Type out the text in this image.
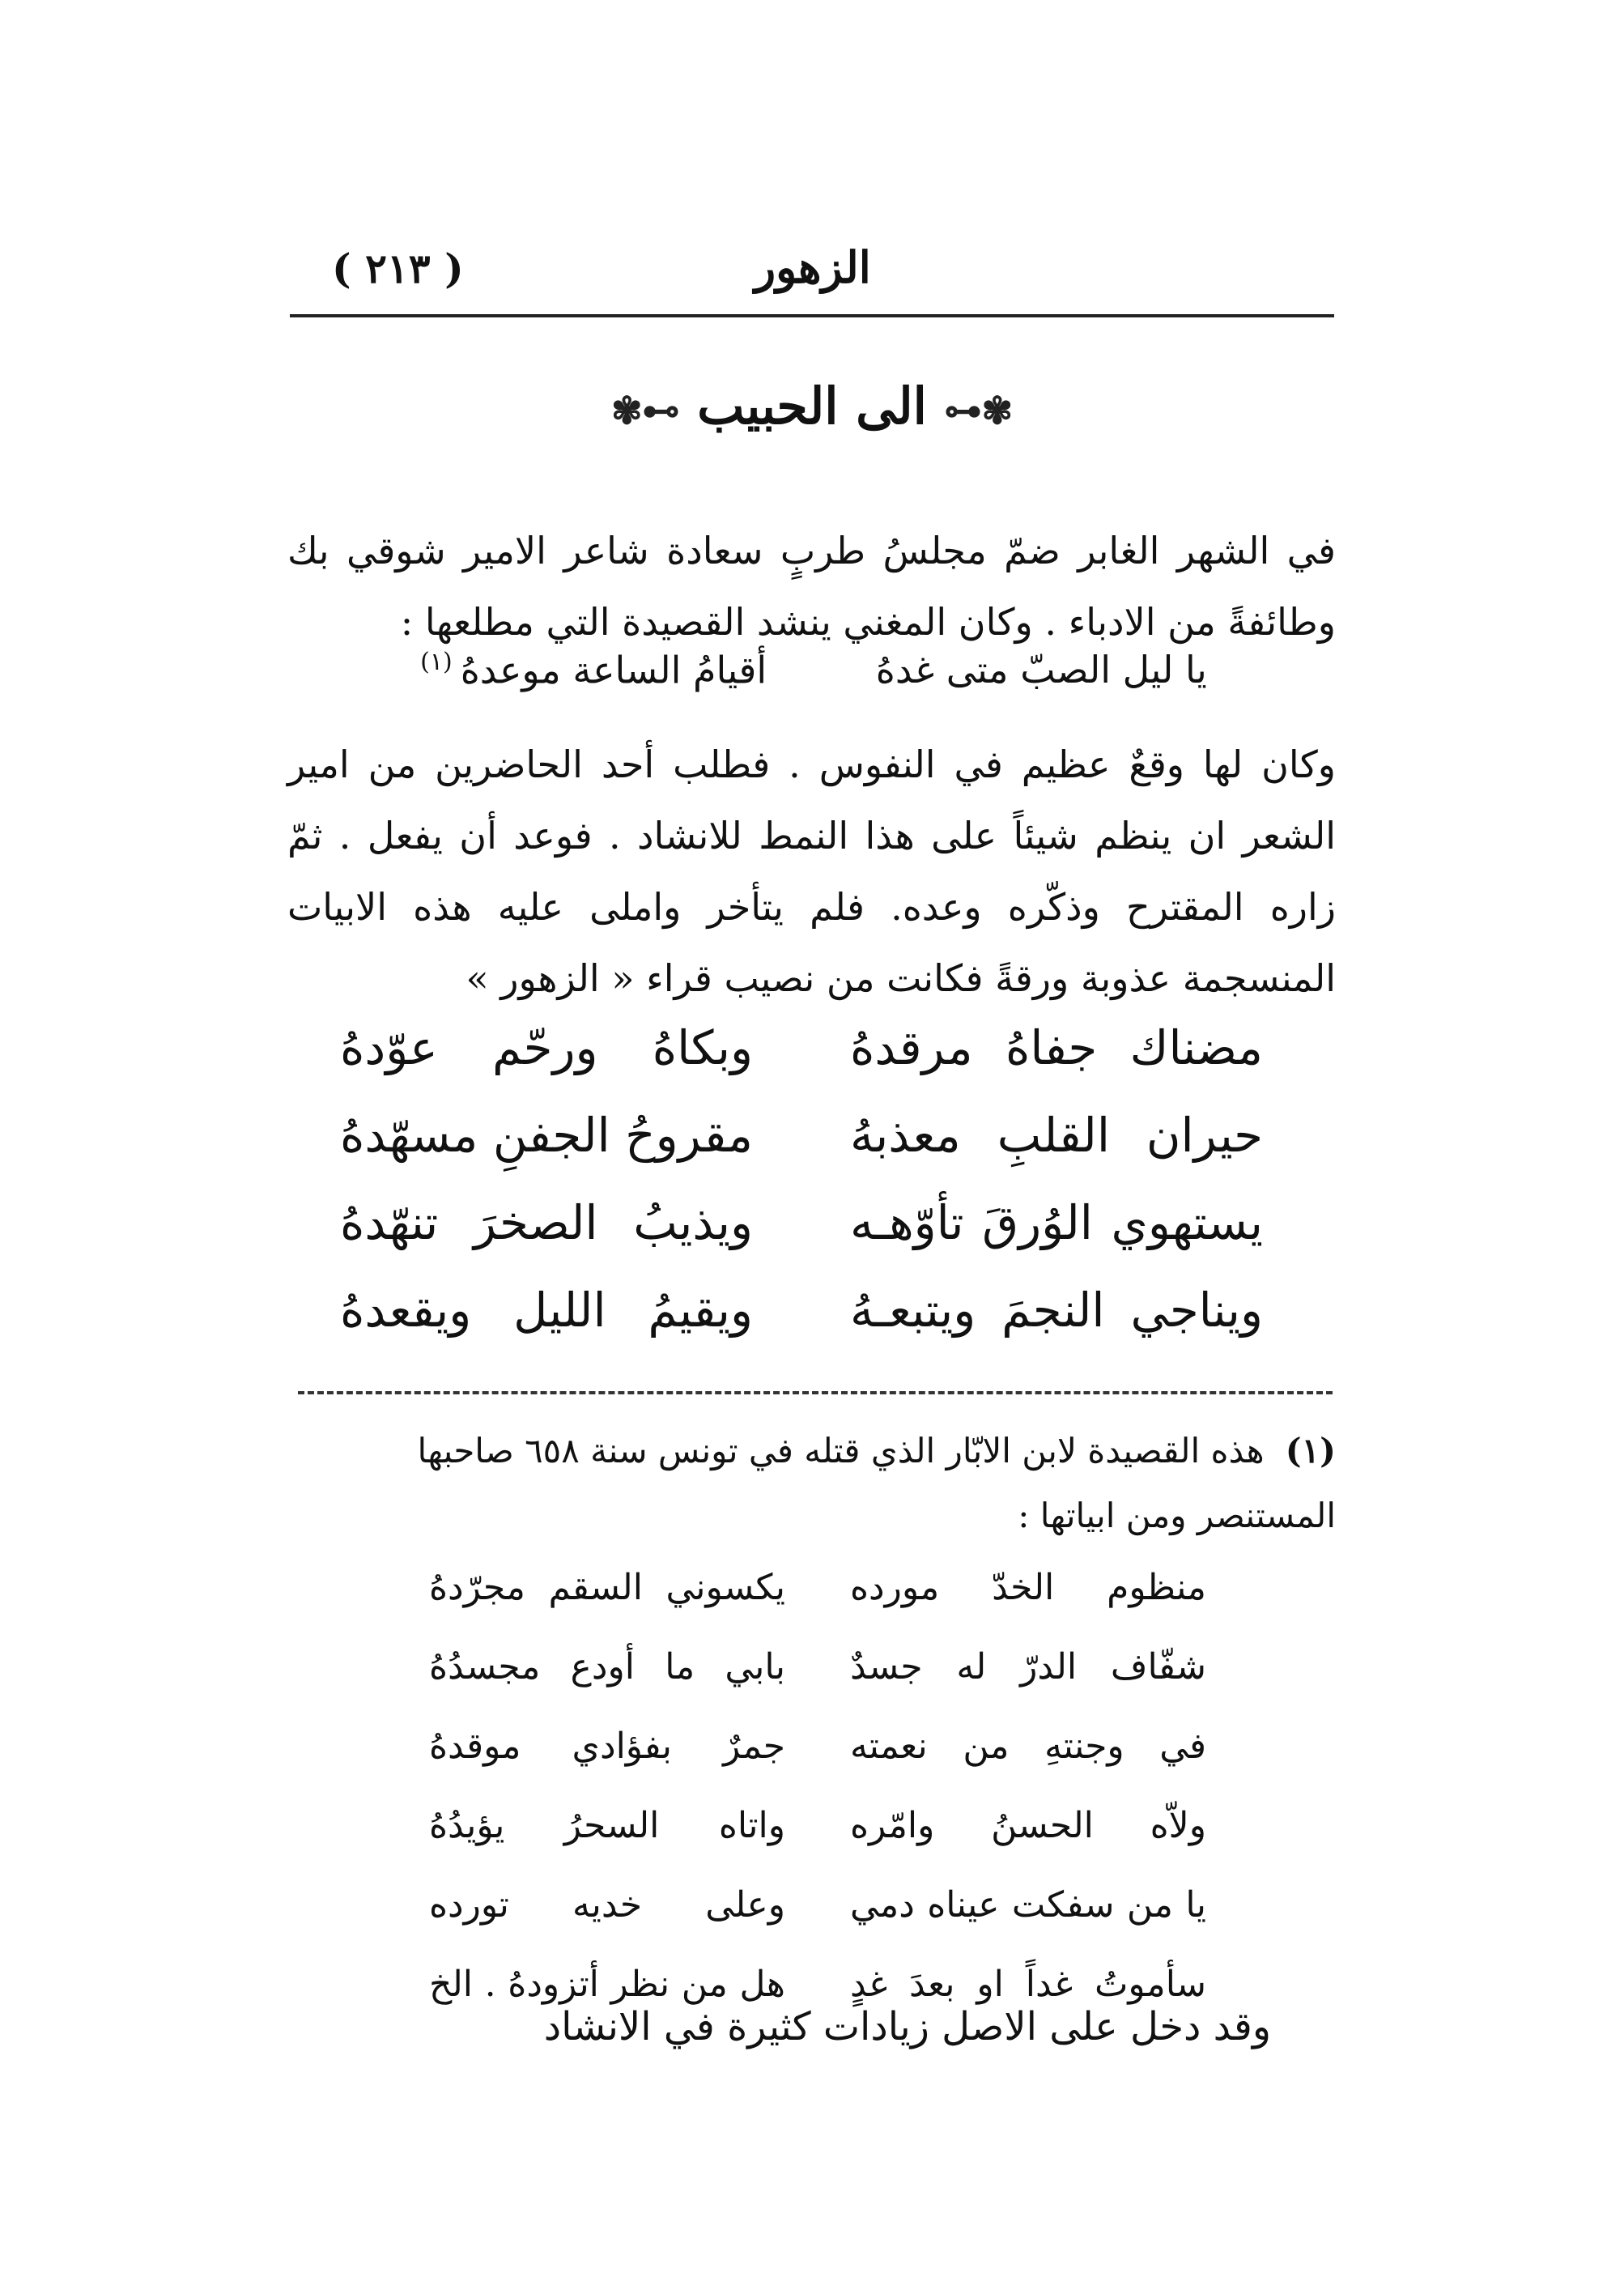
( ٢١٣ )	الزهور
✾⊷ الى الحبيب ⊶✾
في الشهر الغابر ضمّ مجلسُ طربٍ سعادة شاعر الامير شوقي بك وطائفةً من الادباء . وكان المغني ينشد القصيدة التي مطلعها :
يا ليل الصبّ متى غدهُ أقيامُ الساعة موعدهُ$^{(١)}$
وكان لها وقعٌ عظيم في النفوس . فطلب أحد الحاضرين من امير الشعر ان ينظم شيئاً على هذا النمط للانشاد . فوعد أن يفعل . ثمّ زاره المقترح وذكّره وعده. فلم يتأخر واملى عليه هذه الابيات المنسجمة عذوبة ورقةً فكانت من نصيب قراء « الزهور »
مضناك جفاهُ مرقدهُ
وبكاهُ ورحّم عوّدهُ
حيران القلبِ معذبهُ
مقروحُ الجفنِ مسهّدهُ
يستهوي الوُرقَ تأوّهـه
ويذيبُ الصخرَ تنهّدهُ
ويناجي النجمَ ويتبعـهُ
ويقيمُ الليل ويقعدهُ
(١)هذه القصيدة لابن الابّار الذي قتله في تونس سنة ٦٥٨ صاحبها المستنصر ومن ابياتها :
منظوم الخدّ مورده
يكسوني السقم مجرّدهُ
شفّاف الدرّ له جسدٌ
بابي ما أودع مجسدُهُ
في وجنتهِ من نعمته
جمرٌ بفؤادي موقدهُ
ولاّه الحسنُ وامّره
واتاه السحرُ يؤيدُهُ
يا من سفكت عيناه دمي
وعلى خديه تورده
سأموتُ غداً او بعدَ غدٍ
هل من نظر أتزودهُ . الخ
وقد دخل على الاصل زيادات كثيرة في الانشاد
